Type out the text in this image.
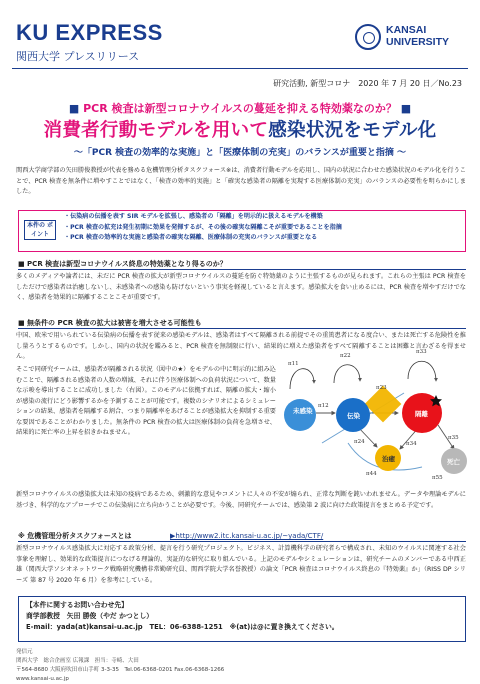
KU EXPRESS
関西大学 プレスリリース
KANSAI
UNIVERSITY
研究活動, 新型コロナ　2020 年 7 月 20 日／No.23
■ PCR 検査は新型コロナウイルスの蔓延を抑える特効薬なのか？ ■
消費者行動モデルを用いて感染状況をモデル化
～「PCR 検査の効率的な実施」と「医療体制の充実」のバランスが重要と指摘 ～
関西大学商学部の矢田勝俊教授が代表を務める危機管理分析タスクフォース※は、消費者行動モデルを応用し、国内の状況に合わせた感染状況のモデル化を行うことで、PCR 検査を無条件に増やすことではなく、「検査の効率的実施」と「確実な感染者の隔離を実現する医療体制の充実」のバランスの必要性を明らかにしました。
本件の ポイント
・伝染病の伝播を表す SIR モデルを拡張し、感染者の「隔離」を明示的に扱えるモデルを構築
・PCR 検査の拡充は発生初期に効果を発揮するが、その後の確実な隔離こそが重要であることを指摘
・PCR 検査の効率的な実施と感染者の確実な隔離、医療体制の充実のバランスが重要となる
■ PCR 検査は新型コロナウイルス終息の特効薬となり得るのか？
多くのメディアや論者には、未だに PCR 検査の拡大が新型コロナウイルスの蔓延を防ぐ特効薬のように主張するものが見られます。これらの主張は PCR 検査をしただけで感染者は治癒しないし、未感染者への感染も防げないという事実を軽視していると言えます。感染拡大を食い止めるには、PCR 検査を増やすだけでなく、感染者を効果的に隔離することこそが重要です。
■ 無条件の PCR 検査の拡大は被害を増大させる可能性も
中国、欧米で用いられている伝染病の伝播を表す従来の感染モデルは、感染者はすべて隔離される前提でその重篤患者になる度合い、または死亡する危険性を推し量ろうとするものです。しかし、国内の状況を鑑みると、PCR 検査を無制限に行い、結果的に増えた感染者をすべて隔離することは困難と言わざるを得ません。
そこで同研究チームは、感染者が隔離される状況（図中の★）をモデルの中に明示的に組み込むことで、隔離される感染者の人数の増減、それに伴う医療体制への負荷状況について、数量な示唆を導出することに成功しました（右図）。このモデルに依拠すれば、隔離の拡大・縮小が感染の流行にどう影響するかを予測することが可能です。複数のシナリオによるシミュレーションの結果、感染者を隔離する割合、つまり隔離率をあげることが感染拡大を抑制する重要な要因であることがわかりました。無条件の PCR 検査の拡大は医療体制の負荷を急増させ、結果的に死亡率の上昇を招きかねません。
未感染
伝染	隔離
治癒	死亡
π11
π22
π33
π12
π23
π24	π34
π35
π44
π55
新型コロナウイルスの感染拡大は未知の疫病であるため、刺激的な意見やコメントに人々の不安が煽られ、正常な判断を鈍いわれません。データや理論モデルに基づき、科学的なアプローチでこの伝染病に立ち向かうことが必要です。今後、同研究チームでは、感染第 2 波に向けた政策提言をまとめる予定です。
※ 危機管理分析タスクフォースとは	▶http://www2.itc.kansai-u.ac.jp/~yada/CTF/
新型コロナウイルス感染拡大に対応する政策分析、提言を行う研究プロジェクト。ビジネス、計算機科学の研究者らで構成され、未知のウイルスに関連する社会事象を理解し、効果的な政策提言につなげる理論的、実証的な研究に取り組んでいる。上記のモデルやシミュレーションは、研究チームのメンバーである中西正雄（関西大学ソシオネットワーク戦略研究機構非常勤研究員、関西学院大学名誉教授）の論文「PCR 検査はコロナウイルス終息の『特効薬』か」（RISS DP シリーズ 第 87 号 2020 年 6 月）を参考にしている。
【本件に関するお問い合わせ先】
商学部教授　矢田 勝俊（やだ かつとし）
E-mail：yada(at)kansai-u.ac.jp　TEL：06-6388-1251　※(at)は@に置き換えてください。
発信元
関西大学　総合企画室 広報課　担当：寺崎、大田
〒564-8680 大阪府吹田市山手町 3-3-35　Tel.06-6368-0201 Fax.06-6368-1266
www.kansai-u.ac.jp
